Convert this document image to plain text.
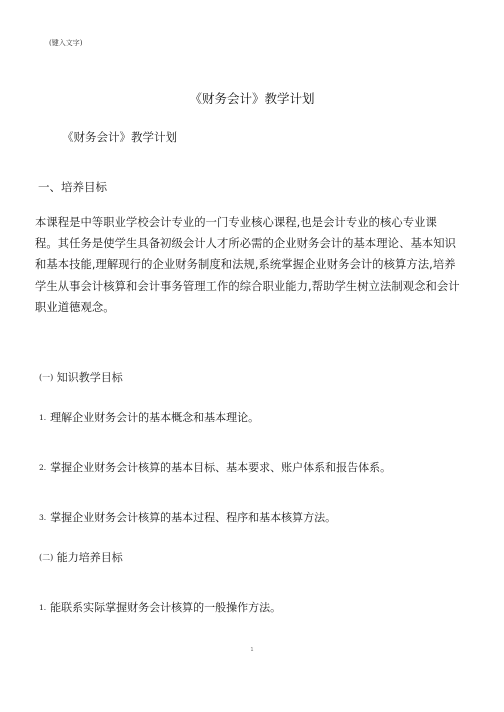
(键入文字)
《财务会计》教学计划
《财务会计》教学计划
一、培养目标
本课程是中等职业学校会计专业的一门专业核心课程,也是会计专业的核心专业课
程。其任务是使学生具备初级会计人才所必需的企业财务会计的基本理论、基本知识
和基本技能,理解现行的企业财务制度和法规,系统掌握企业财务会计的核算方法,培养
学生从事会计核算和会计事务管理工作的综合职业能力,帮助学生树立法制观念和会计
职业道德观念。
(一) 知识教学目标
1. 理解企业财务会计的基本概念和基本理论。
2. 掌握企业财务会计核算的基本目标、基本要求、账户体系和报告体系。
3. 掌握企业财务会计核算的基本过程、程序和基本核算方法。
(二) 能力培养目标
1. 能联系实际掌握财务会计核算的一般操作方法。
1
